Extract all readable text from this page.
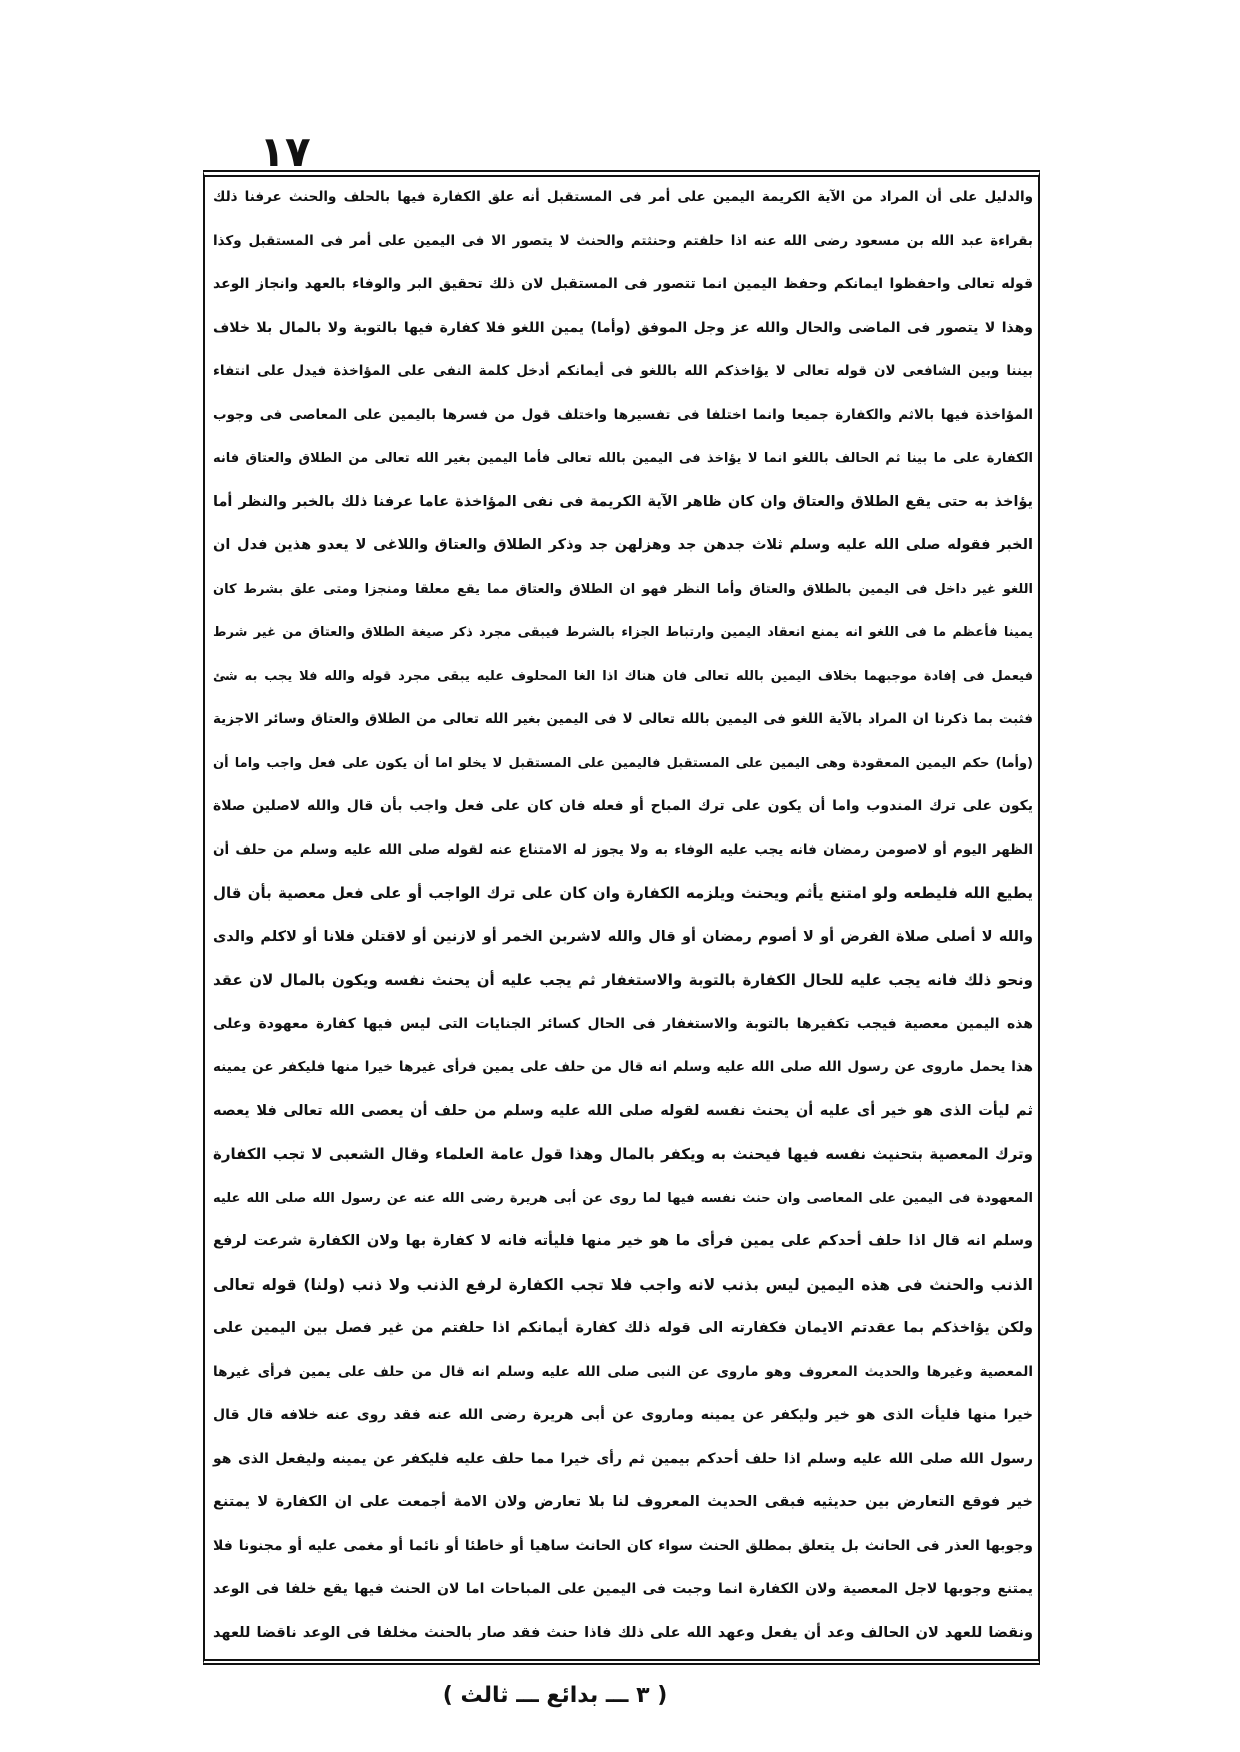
١٧
والدليل على أن المراد من الآية الكريمة اليمين على أمر فى المستقبل أنه علق الكفارة فيها بالحلف والحنث عرفنا ذلك
بقراءة عبد الله بن مسعود رضى الله عنه اذا حلفتم وحنثتم والحنث لا يتصور الا فى اليمين على أمر فى المستقبل وكذا
قوله تعالى واحفظوا ايمانكم وحفظ اليمين انما تتصور فى المستقبل لان ذلك تحقيق البر والوفاء بالعهد وانجاز الوعد
وهذا لا يتصور فى الماضى والحال والله عز وجل الموفق (وأما) يمين اللغو فلا كفارة فيها بالتوبة ولا بالمال بلا خلاف
بيننا وبين الشافعى لان قوله تعالى لا يؤاخذكم الله باللغو فى أيمانكم أدخل كلمة النفى على المؤاخذة فيدل على انتفاء
المؤاخذة فيها بالاثم والكفارة جميعا وانما اختلفا فى تفسيرها واختلف قول من فسرها باليمين على المعاصى فى وجوب
الكفارة على ما بينا ثم الحالف باللغو انما لا يؤاخذ فى اليمين بالله تعالى فأما اليمين بغير الله تعالى من الطلاق والعتاق فانه
يؤاخذ به حتى يقع الطلاق والعتاق وان كان ظاهر الآية الكريمة فى نفى المؤاخذة عاما عرفنا ذلك بالخبر والنظر أما
الخبر فقوله صلى الله عليه وسلم ثلاث جدهن جد وهزلهن جد وذكر الطلاق والعتاق واللاغى لا يعدو هذين فدل ان
اللغو غير داخل فى اليمين بالطلاق والعتاق وأما النظر فهو ان الطلاق والعتاق مما يقع معلقا ومنجزا ومتى علق بشرط كان
يمينا فأعظم ما فى اللغو انه يمنع انعقاد اليمين وارتباط الجزاء بالشرط فيبقى مجرد ذكر صيغة الطلاق والعتاق من غير شرط
فيعمل فى إفادة موجبهما بخلاف اليمين بالله تعالى فان هناك اذا الغا المحلوف عليه يبقى مجرد قوله والله فلا يجب به شئ
فثبت بما ذكرنا ان المراد بالآية اللغو فى اليمين بالله تعالى لا فى اليمين بغير الله تعالى من الطلاق والعتاق وسائر الاجزية
(وأما) حكم اليمين المعقودة وهى اليمين على المستقبل فاليمين على المستقبل لا يخلو اما أن يكون على فعل واجب واما أن
يكون على ترك المندوب واما أن يكون على ترك المباح أو فعله فان كان على فعل واجب بأن قال والله لاصلين صلاة
الظهر اليوم أو لاصومن رمضان فانه يجب عليه الوفاء به ولا يجوز له الامتناع عنه لقوله صلى الله عليه وسلم من حلف أن
يطيع الله فليطعه ولو امتنع يأثم ويحنث ويلزمه الكفارة وان كان على ترك الواجب أو على فعل معصية بأن قال
والله لا أصلى صلاة الفرض أو لا أصوم رمضان أو قال والله لاشربن الخمر أو لازنين أو لاقتلن فلانا أو لاكلم والدى
ونحو ذلك فانه يجب عليه للحال الكفارة بالتوبة والاستغفار ثم يجب عليه أن يحنث نفسه ويكون بالمال لان عقد
هذه اليمين معصية فيجب تكفيرها بالتوبة والاستغفار فى الحال كسائر الجنايات التى ليس فيها كفارة معهودة وعلى
هذا يحمل ماروى عن رسول الله صلى الله عليه وسلم انه قال من حلف على يمين فرأى غيرها خيرا منها فليكفر عن يمينه
ثم ليأت الذى هو خير أى عليه أن يحنث نفسه لقوله صلى الله عليه وسلم من حلف أن يعصى الله تعالى فلا يعصه
وترك المعصية بتحنيث نفسه فيها فيحنث به ويكفر بالمال وهذا قول عامة العلماء وقال الشعبى لا تجب الكفارة
المعهودة فى اليمين على المعاصى وان حنث نفسه فيها لما روى عن أبى هريرة رضى الله عنه عن رسول الله صلى الله عليه
وسلم انه قال اذا حلف أحدكم على يمين فرأى ما هو خير منها فليأته فانه لا كفارة بها ولان الكفارة شرعت لرفع
الذنب والحنث فى هذه اليمين ليس بذنب لانه واجب فلا تجب الكفارة لرفع الذنب ولا ذنب (ولنا) قوله تعالى
ولكن يؤاخذكم بما عقدتم الايمان فكفارته الى قوله ذلك كفارة أيمانكم اذا حلفتم من غير فصل بين اليمين على
المعصية وغيرها والحديث المعروف وهو ماروى عن النبى صلى الله عليه وسلم انه قال من حلف على يمين فرأى غيرها
خيرا منها فليأت الذى هو خير وليكفر عن يمينه وماروى عن أبى هريرة رضى الله عنه فقد روى عنه خلافه قال قال
رسول الله صلى الله عليه وسلم اذا حلف أحدكم بيمين ثم رأى خيرا مما حلف عليه فليكفر عن يمينه وليفعل الذى هو
خير فوقع التعارض بين حديثيه فبقى الحديث المعروف لنا بلا تعارض ولان الامة أجمعت على ان الكفارة لا يمتنع
وجوبها العذر فى الحانث بل يتعلق بمطلق الحنث سواء كان الحانث ساهيا أو خاطئا أو نائما أو مغمى عليه أو مجنونا فلا
يمتنع وجوبها لاجل المعصية ولان الكفارة انما وجبت فى اليمين على المباحات اما لان الحنث فيها يقع خلفا فى الوعد
ونقضا للعهد لان الحالف وعد أن يفعل وعهد الله على ذلك فاذا حنث فقد صار بالحنث مخلفا فى الوعد ناقضا للعهد
( ٣ ـــ بدائع ـــ ثالث )
